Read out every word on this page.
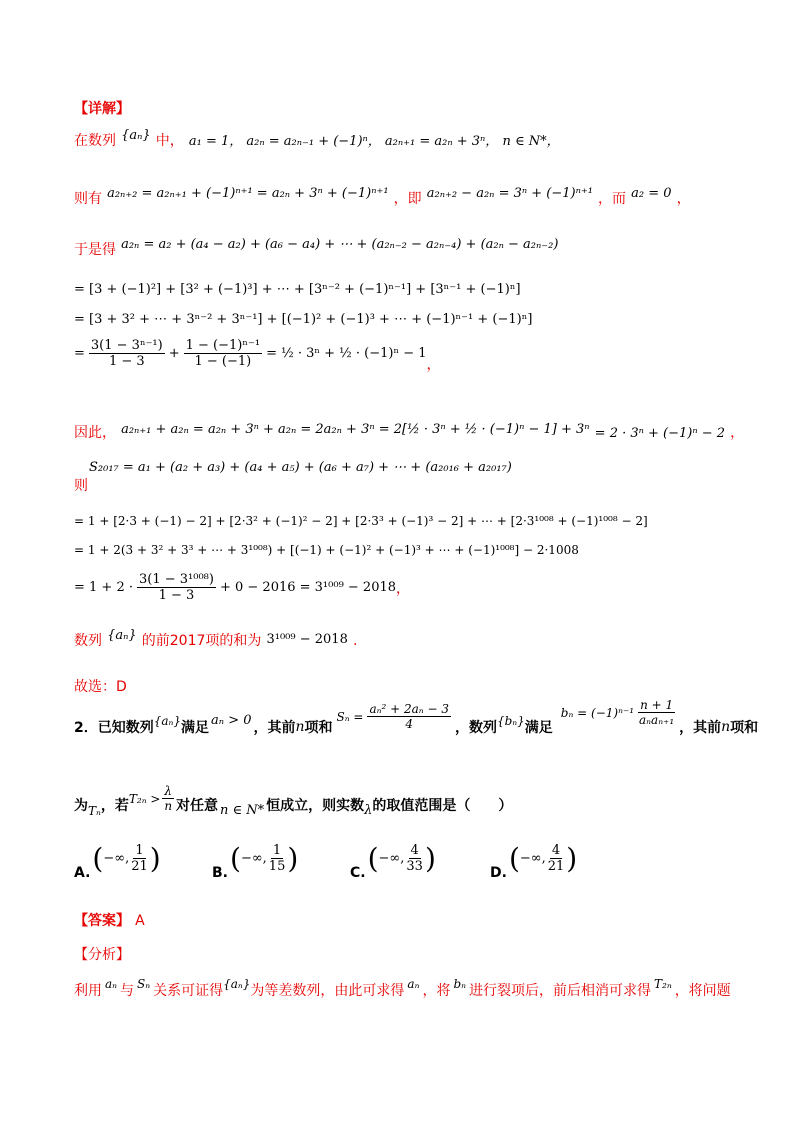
【详解】
在数列 $^{\{a_n\}}$ 中， a₁ = 1， a₂ₙ = a₂ₙ₋₁ + (−1)ⁿ， a₂ₙ₊₁ = a₂ₙ + 3ⁿ， n ∈ N*，
则有 $^{a_{2n+2} = a_{2n+1} + (-1)^{n+1} = a_{2n} + 3^n + (-1)^{n+1}}$ ，即 $^{a_{2n+2} - a_{2n} = 3^n + (-1)^{n+1}}$ ，而 $^{a_2 = 0}$ ，
于是得 a₂ₙ = a₂ + (a₄ − a₂) + (a₆ − a₄) + ⋯ + (a₂ₙ₋₂ − a₂ₙ₋₄) + (a₂ₙ − a₂ₙ₋₂)
= [3 + (−1)²] + [3² + (−1)³] + ⋯ + [3ⁿ⁻² + (−1)ⁿ⁻¹] + [3ⁿ⁻¹ + (−1)ⁿ]
= [3 + 3² + ⋯ + 3ⁿ⁻² + 3ⁿ⁻¹] + [(−1)² + (−1)³ + ⋯ + (−1)ⁿ⁻¹ + (−1)ⁿ]
= $\frac{\text{3(1 − 3ⁿ⁻¹)}}{1 - 3} + \frac{\text{1 − (−1)ⁿ⁻¹}}{1 - (-1)}$ = ½ · 3ⁿ + ½ · (−1)ⁿ − 1
，
因此， $^{a_{2n+1} + a_{2n} = a_{2n} + 3^n + a_{2n} = 2a_{2n} + 3^n = 2[\frac{1}{2} \cdot 3^n + \frac{1}{2} \cdot (-1)^n - 1] + 3^n}$ = 2 · 3ⁿ + (−1)ⁿ − 2 ，
S₂₀₁₇ = a₁ + (a₂ + a₃) + (a₄ + a₅) + (a₆ + a₇) + ⋯ + (a₂₀₁₆ + a₂₀₁₇)
则
= 1 + [2·3 + (−1) − 2] + [2·3² + (−1)² − 2] + [2·3³ + (−1)³ − 2] + ⋯ + [2·3¹⁰⁰⁸ + (−1)¹⁰⁰⁸ − 2]
= 1 + 2(3 + 3² + 3³ + ⋯ + 3¹⁰⁰⁸) + [(−1) + (−1)² + (−1)³ + ⋯ + (−1)¹⁰⁰⁸] − 2·1008
= $1 + 2 \cdot \frac{\text{3(1 − 3¹⁰⁰⁸)}}{1 - 3} + 0 - 2016 = 3^{1009} - 2018$ ，
数列 $^{\{a_n\}}$ 的前2017项的和为 3¹⁰⁰⁹ − 2018 .
故选：D
2． 已知数列 {aₙ} 满足 aₙ > 0 ，其前 n 项和
$S_n = \frac{\text{aₙ² + 2aₙ − 3}}{4}$ ，数列 {bₙ} 满足
bₙ = (−1)ⁿ⁻¹
n + 1
aₙaₙ₊₁ ，其前 n 项和
为 Tₙ ，若 $T_{2n} > \frac{\lambda}{n}$ 对任意 n ∈ N* 恒成立，则实数 λ 的取值范围是（　　）
A. ( −∞, $\frac{1}{21}$ )	B. ( −∞, $\frac{1}{15}$ )	C. ( −∞, $\frac{4}{33}$ )	D. ( −∞, $\frac{4}{21}$ )
【答案】 A
【分析】
利用 aₙ 与 Sₙ 关系可证得 {aₙ} 为等差数列，由此可求得 aₙ ，将 bₙ 进行裂项后，前后相消可求得 T₂ₙ ，将问题
